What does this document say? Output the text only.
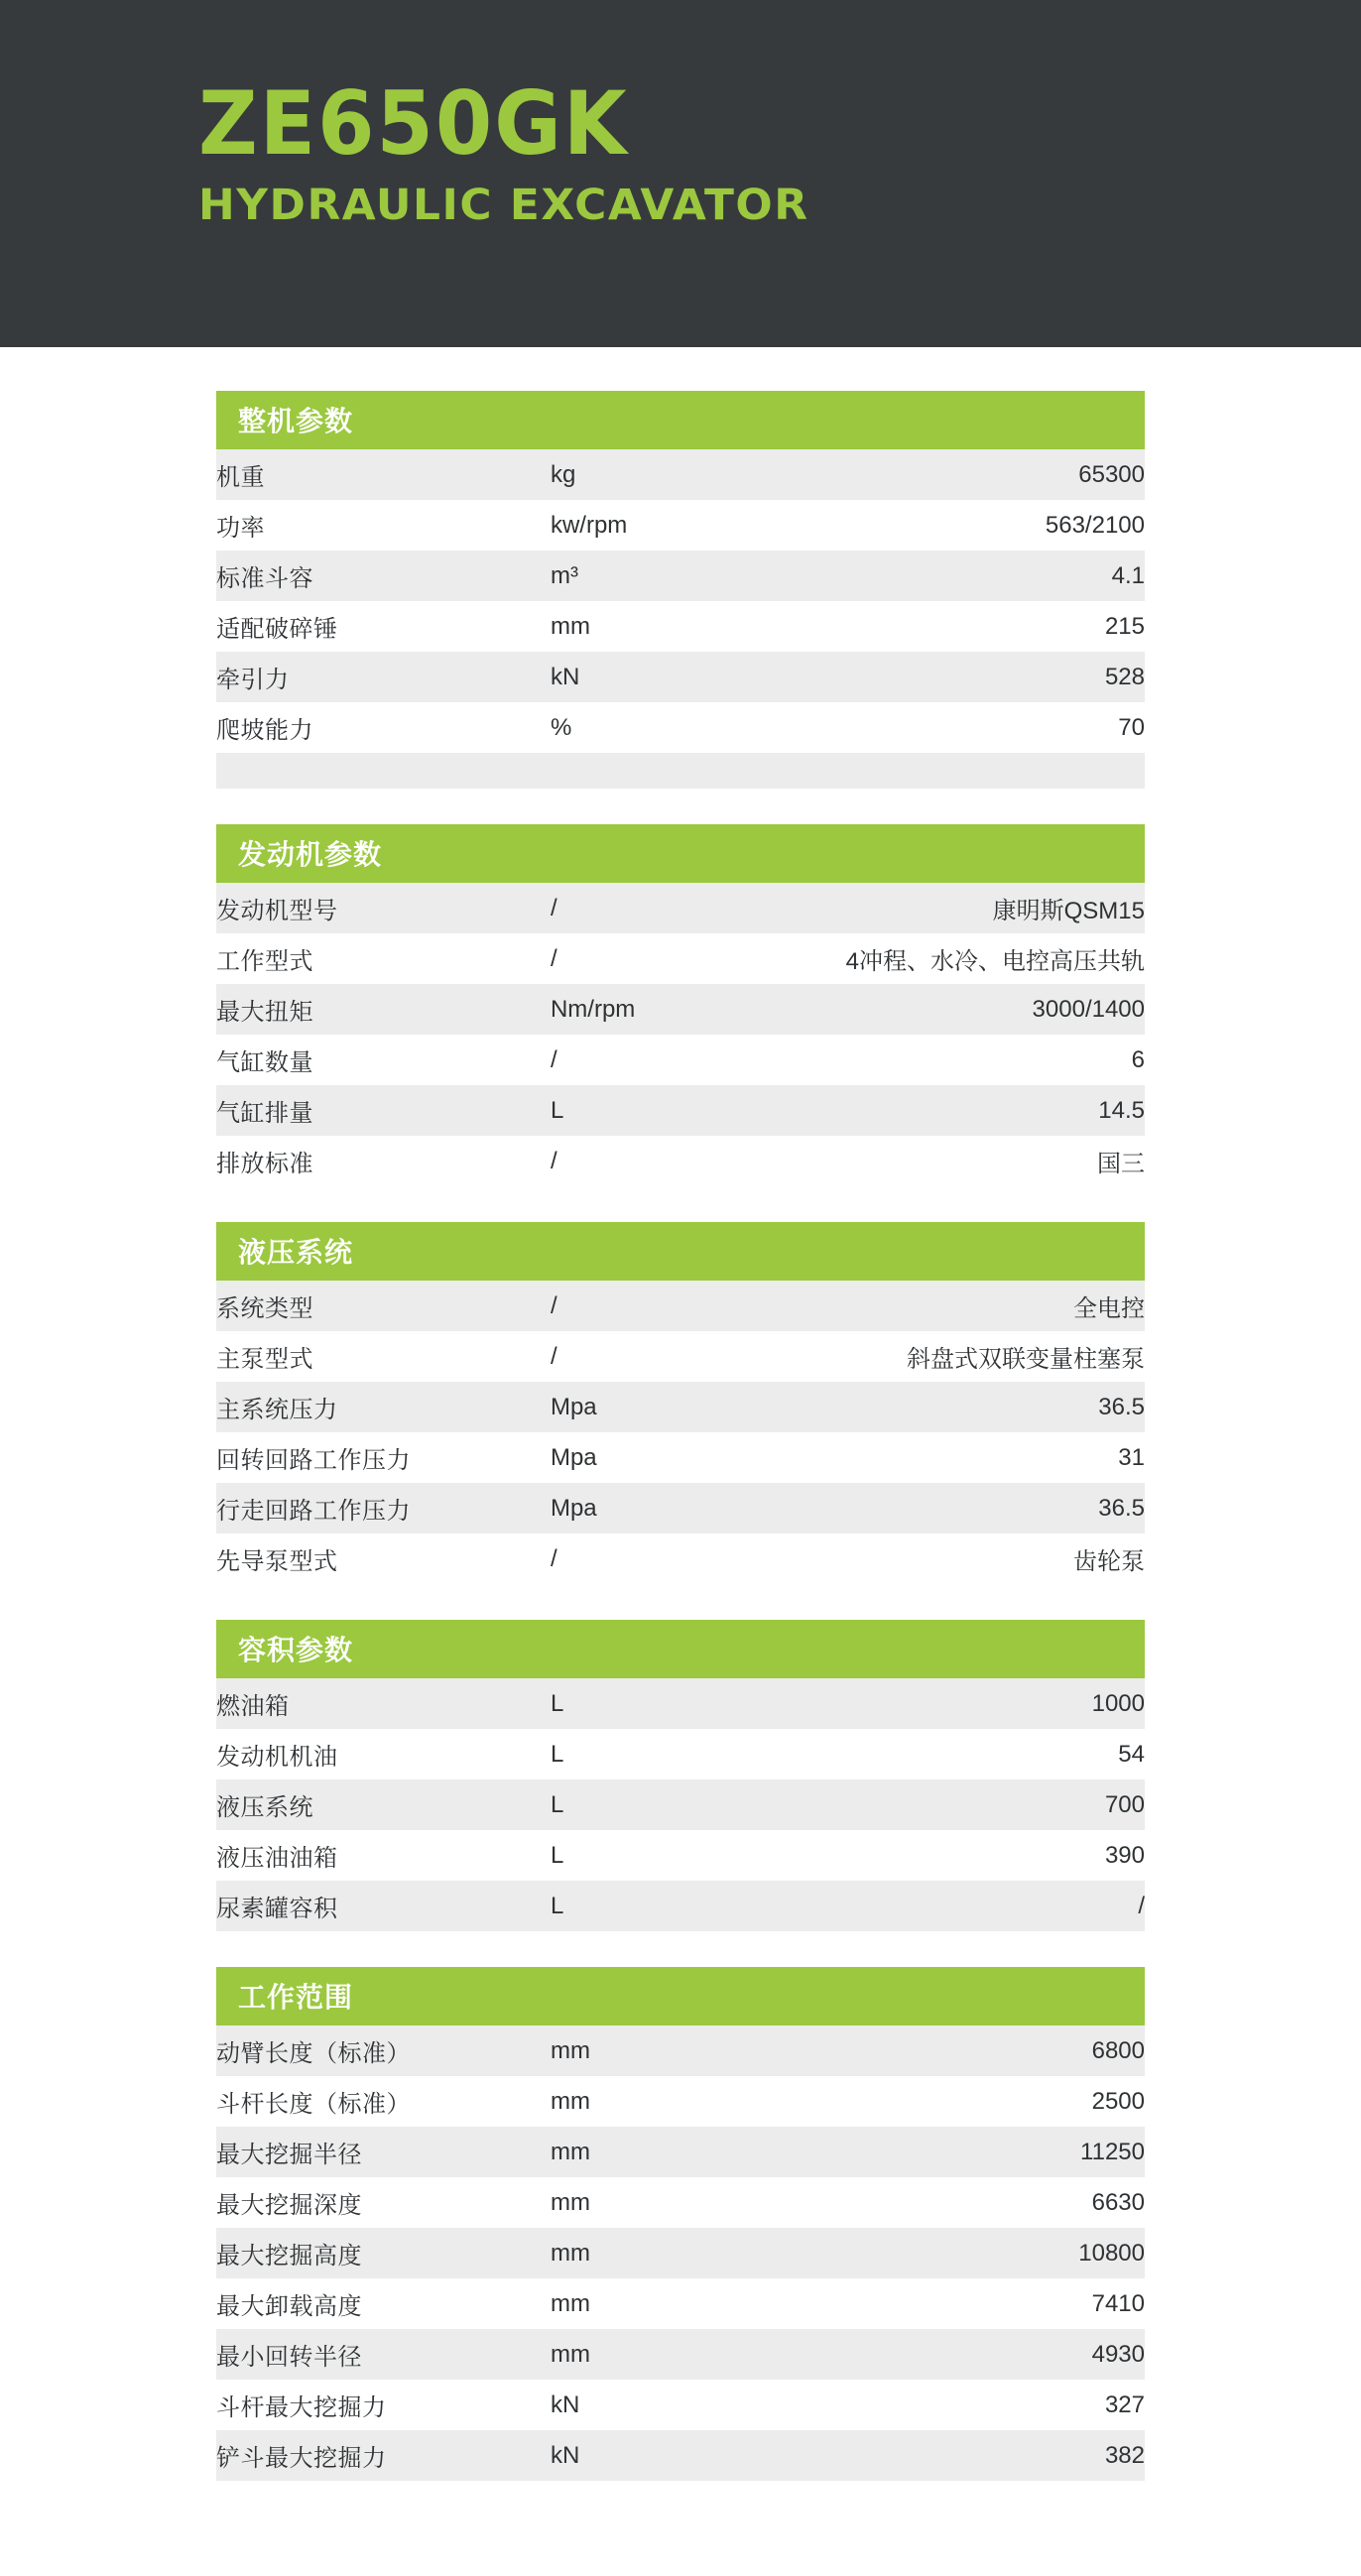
ZE650GK
HYDRAULIC EXCAVATOR
整机参数
机重	kg	65300
功率	kw/rpm	563/2100
标准斗容	m³	4.1
适配破碎锤	mm	215
牵引力	kN	528
爬坡能力	%	70
发动机参数
发动机型号	/	康明斯QSM15
工作型式	/	4冲程、水冷、电控高压共轨
最大扭矩	Nm/rpm	3000/1400
气缸数量	/	6
气缸排量	L	14.5
排放标准	/	国三
液压系统
系统类型	/	全电控
主泵型式	/	斜盘式双联变量柱塞泵
主系统压力	Mpa	36.5
回转回路工作压力	Mpa	31
行走回路工作压力	Mpa	36.5
先导泵型式	/	齿轮泵
容积参数
燃油箱	L	1000
发动机机油	L	54
液压系统	L	700
液压油油箱	L	390
尿素罐容积	L	/
工作范围
动臂长度（标准）	mm	6800
斗杆长度（标准）	mm	2500
最大挖掘半径	mm	11250
最大挖掘深度	mm	6630
最大挖掘高度	mm	10800
最大卸载高度	mm	7410
最小回转半径	mm	4930
斗杆最大挖掘力	kN	327
铲斗最大挖掘力	kN	382
